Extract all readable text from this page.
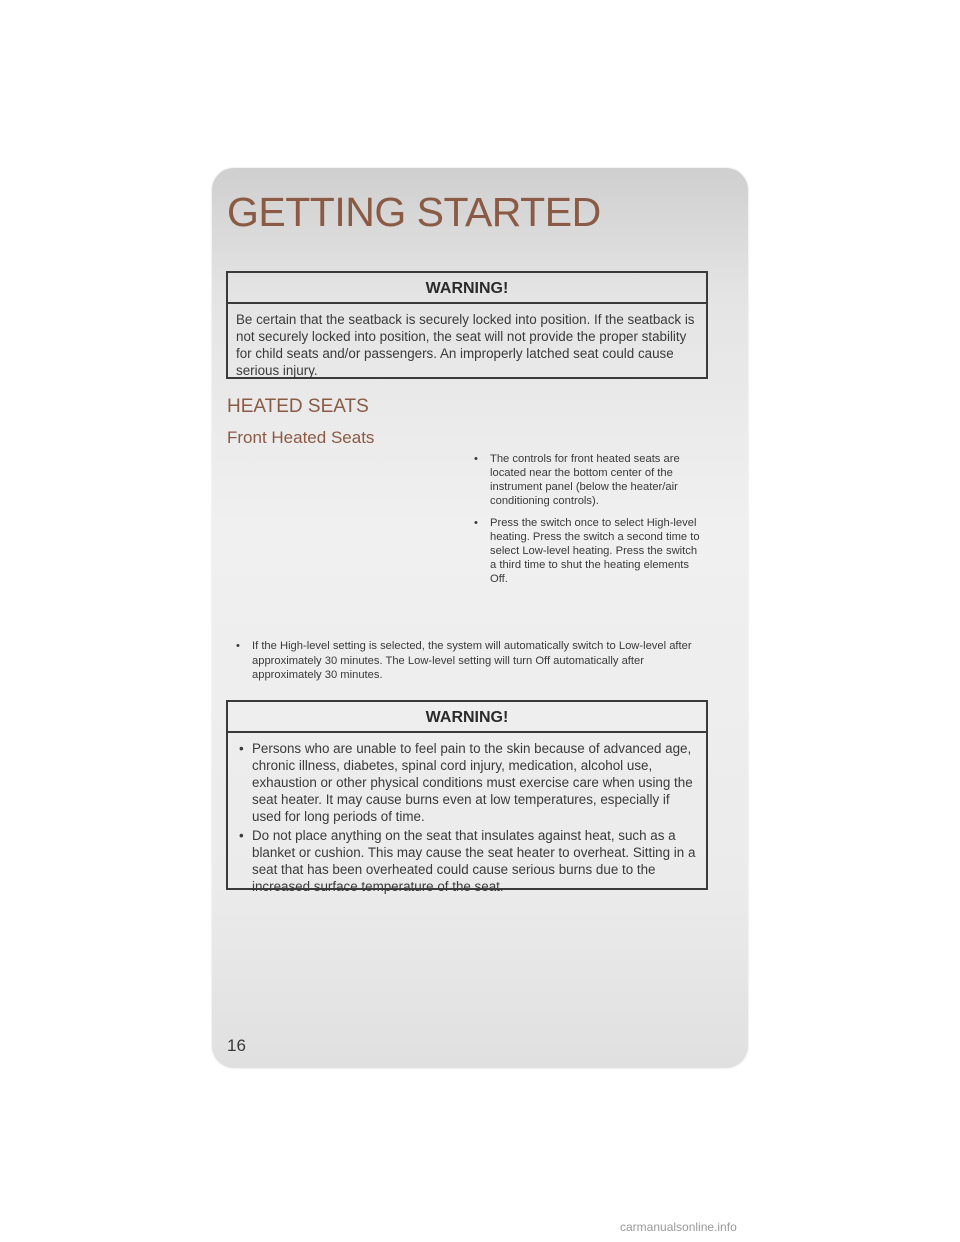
GETTING STARTED
WARNING!
Be certain that the seatback is securely locked into position. If the seatback is not securely locked into position, the seat will not provide the proper stability for child seats and/or passengers. An improperly latched seat could cause serious injury.
HEATED SEATS
Front Heated Seats
• The controls for front heated seats are located near the bottom center of the instrument panel (below the heater/air conditioning controls).
• Press the switch once to select High-level heating. Press the switch a second time to select Low-level heating. Press the switch a third time to shut the heating elements Off.
• If the High-level setting is selected, the system will automatically switch to Low-level after approximately 30 minutes. The Low-level setting will turn Off automatically after approximately 30 minutes.
WARNING!
• Persons who are unable to feel pain to the skin because of advanced age, chronic illness, diabetes, spinal cord injury, medication, alcohol use, exhaustion or other physical conditions must exercise care when using the seat heater. It may cause burns even at low temperatures, especially if used for long periods of time.
• Do not place anything on the seat that insulates against heat, such as a blanket or cushion. This may cause the seat heater to overheat. Sitting in a seat that has been overheated could cause serious burns due to the increased surface temperature of the seat.
16
carmanualsonline.info
